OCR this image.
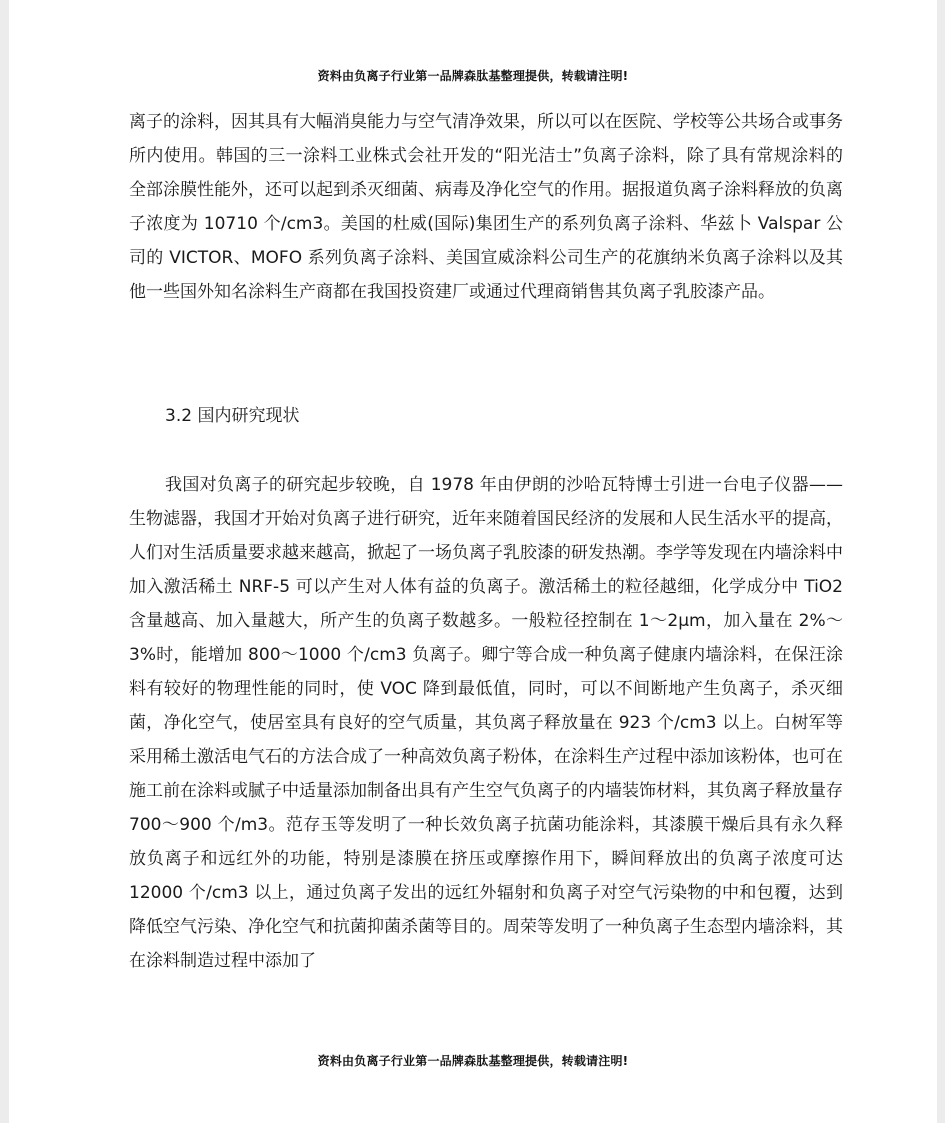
资料由负离子行业第一品牌森肽基整理提供，转载请注明!

离子的涂料，因其具有大幅消臭能力与空气清净效果，所以可以在医院、学校等公共场合或事务所内使用。韩国的三一涂料工业株式会社开发的“阳光洁士”负离子涂料，除了具有常规涂料的全部涂膜性能外，还可以起到杀灭细菌、病毒及净化空气的作用。据报道负离子涂料释放的负离子浓度为 10710 个/cm3。美国的杜威(国际)集团生产的系列负离子涂料、华兹卜 Valspar 公司的 VICTOR、MOFO 系列负离子涂料、美国宣威涂料公司生产的花旗纳米负离子涂料以及其他一些国外知名涂料生产商都在我国投资建厂或通过代理商销售其负离子乳胶漆产品。

3.2 国内研究现状

我国对负离子的研究起步较晚，自 1978 年由伊朗的沙哈瓦特博士引进一台电子仪器——生物滤器，我国才开始对负离子进行研究，近年来随着国民经济的发展和人民生活水平的提高，人们对生活质量要求越来越高，掀起了一场负离子乳胶漆的研发热潮。李学等发现在内墙涂料中加入激活稀土 NRF-5 可以产生对人体有益的负离子。激活稀土的粒径越细，化学成分中 TiO2 含量越高、加入量越大，所产生的负离子数越多。一般粒径控制在 1～2μm，加入量在 2%～3%时，能增加 800～1000 个/cm3 负离子。卿宁等合成一种负离子健康内墙涂料，在保汪涂料有较好的物理性能的同时，使 VOC 降到最低值，同时，可以不间断地产生负离子，杀灭细菌，净化空气，使居室具有良好的空气质量，其负离子释放量在 923 个/cm3 以上。白树军等采用稀土激活电气石的方法合成了一种高效负离子粉体，在涂料生产过程中添加该粉体，也可在施工前在涂料或腻子中适量添加制备出具有产生空气负离子的内墙装饰材料，其负离子释放量存 700～900 个/m3。范存玉等发明了一种长效负离子抗菌功能涂料，其漆膜干燥后具有永久释放负离子和远红外的功能，特别是漆膜在挤压或摩擦作用下，瞬间释放出的负离子浓度可达 12000 个/cm3 以上，通过负离子发出的远红外辐射和负离子对空气污染物的中和包覆，达到降低空气污染、净化空气和抗菌抑菌杀菌等目的。周荣等发明了一种负离子生态型内墙涂料，其在涂料制造过程中添加了

资料由负离子行业第一品牌森肽基整理提供，转载请注明!
